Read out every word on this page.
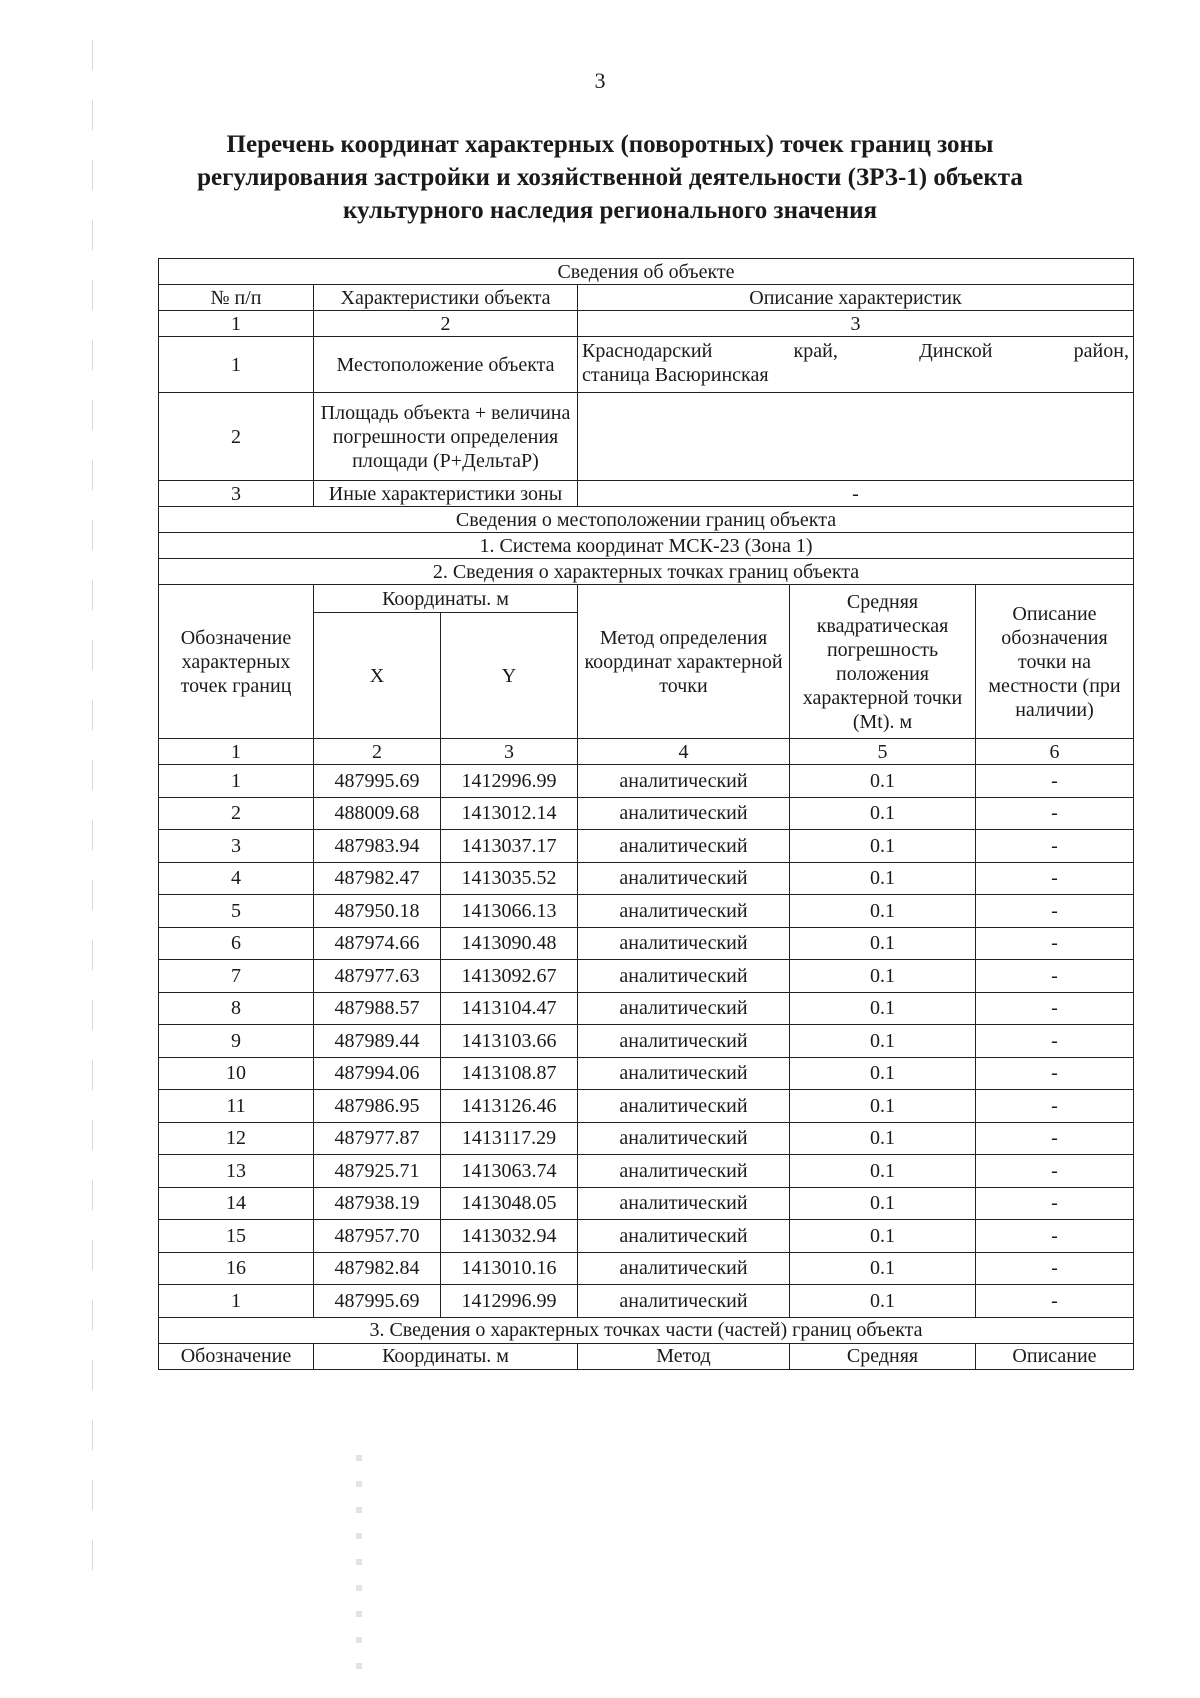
3
Перечень координат характерных (поворотных) точек границ зоны
регулирования застройки и хозяйственной деятельности (ЗРЗ-1) объекта
культурного наследия регионального значения
Сведения об объекте					
№ п/п	Характеристики объекта		Описание характеристик		
1	2		3		
1	Местоположение объекта		Краснодарский край, Динской район,
станица Васюринская		

2	Площадь объекта + величина погрешности определения площади (P+ДельтаP)				
3	Иные характеристики зоны		-		
Сведения о местоположении границ объекта					
1. Система координат МСК-23 (Зона 1)					
2. Сведения о характерных точках границ объекта					
Обозначение характерных точек границ	Координаты. м		Метод определения координат характерной точки	Средняя квадратическая погрешность положения характерной точки (Mt). м	Описание обозначения точки на местности (при наличии)
	X	Y			
1	2	3	4	5	6
1	487995.69	1412996.99	аналитический	0.1	-
2	488009.68	1413012.14	аналитический	0.1	-
3	487983.94	1413037.17	аналитический	0.1	-
4	487982.47	1413035.52	аналитический	0.1	-
5	487950.18	1413066.13	аналитический	0.1	-
6	487974.66	1413090.48	аналитический	0.1	-
7	487977.63	1413092.67	аналитический	0.1	-
8	487988.57	1413104.47	аналитический	0.1	-
9	487989.44	1413103.66	аналитический	0.1	-
10	487994.06	1413108.87	аналитический	0.1	-
11	487986.95	1413126.46	аналитический	0.1	-
12	487977.87	1413117.29	аналитический	0.1	-
13	487925.71	1413063.74	аналитический	0.1	-
14	487938.19	1413048.05	аналитический	0.1	-
15	487957.70	1413032.94	аналитический	0.1	-
16	487982.84	1413010.16	аналитический	0.1	-
1	487995.69	1412996.99	аналитический	0.1	-
3. Сведения о характерных точках части (частей) границ объекта					
Обозначение	Координаты. м		Метод	Средняя	Описание
